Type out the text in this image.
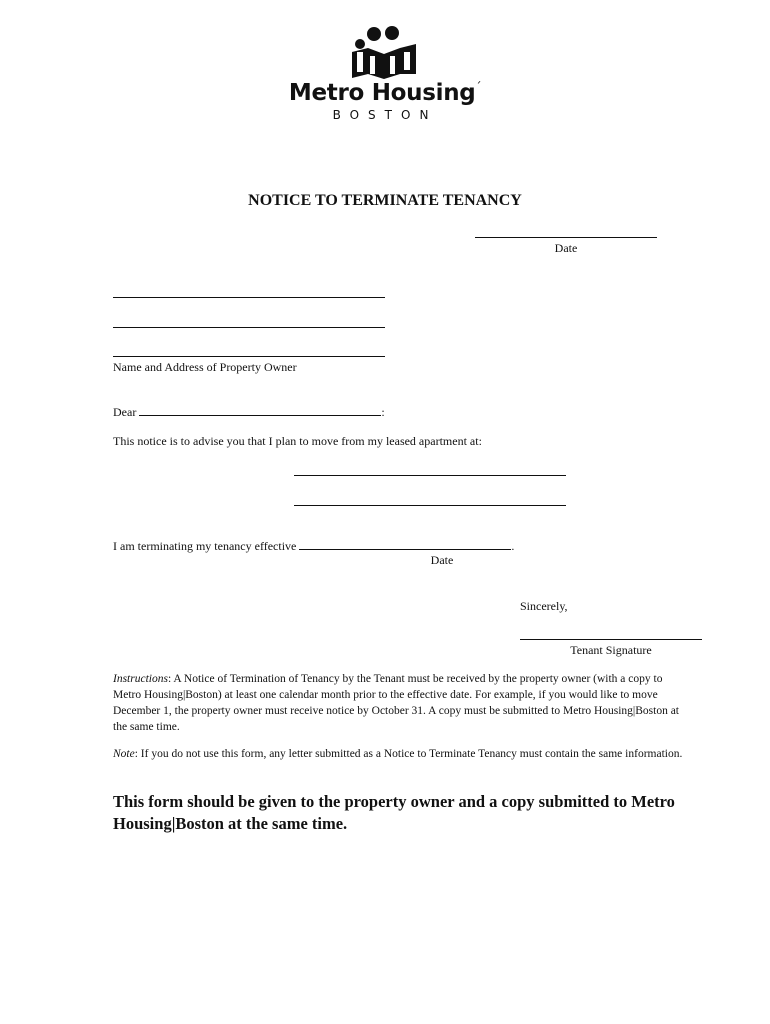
Metro Housing´
BOSTON
NOTICE TO TERMINATE TENANCY
Date
Name and Address of Property Owner
Dear	:
This notice is to advise you that I plan to move from my leased apartment at:
I am terminating my tenancy effective	.
Date
Sincerely,
Tenant Signature
Instructions: A Notice of Termination of Tenancy by the Tenant must be received by the property owner (with a copy to Metro Housing|Boston) at least one calendar month prior to the effective date. For example, if you would like to move December 1, the property owner must receive notice by October 31. A copy must be submitted to Metro Housing|Boston at the same time.
Note: If you do not use this form, any letter submitted as a Notice to Terminate Tenancy must contain the same information.
This form should be given to the property owner and a copy submitted to Metro Housing|Boston at the same time.
